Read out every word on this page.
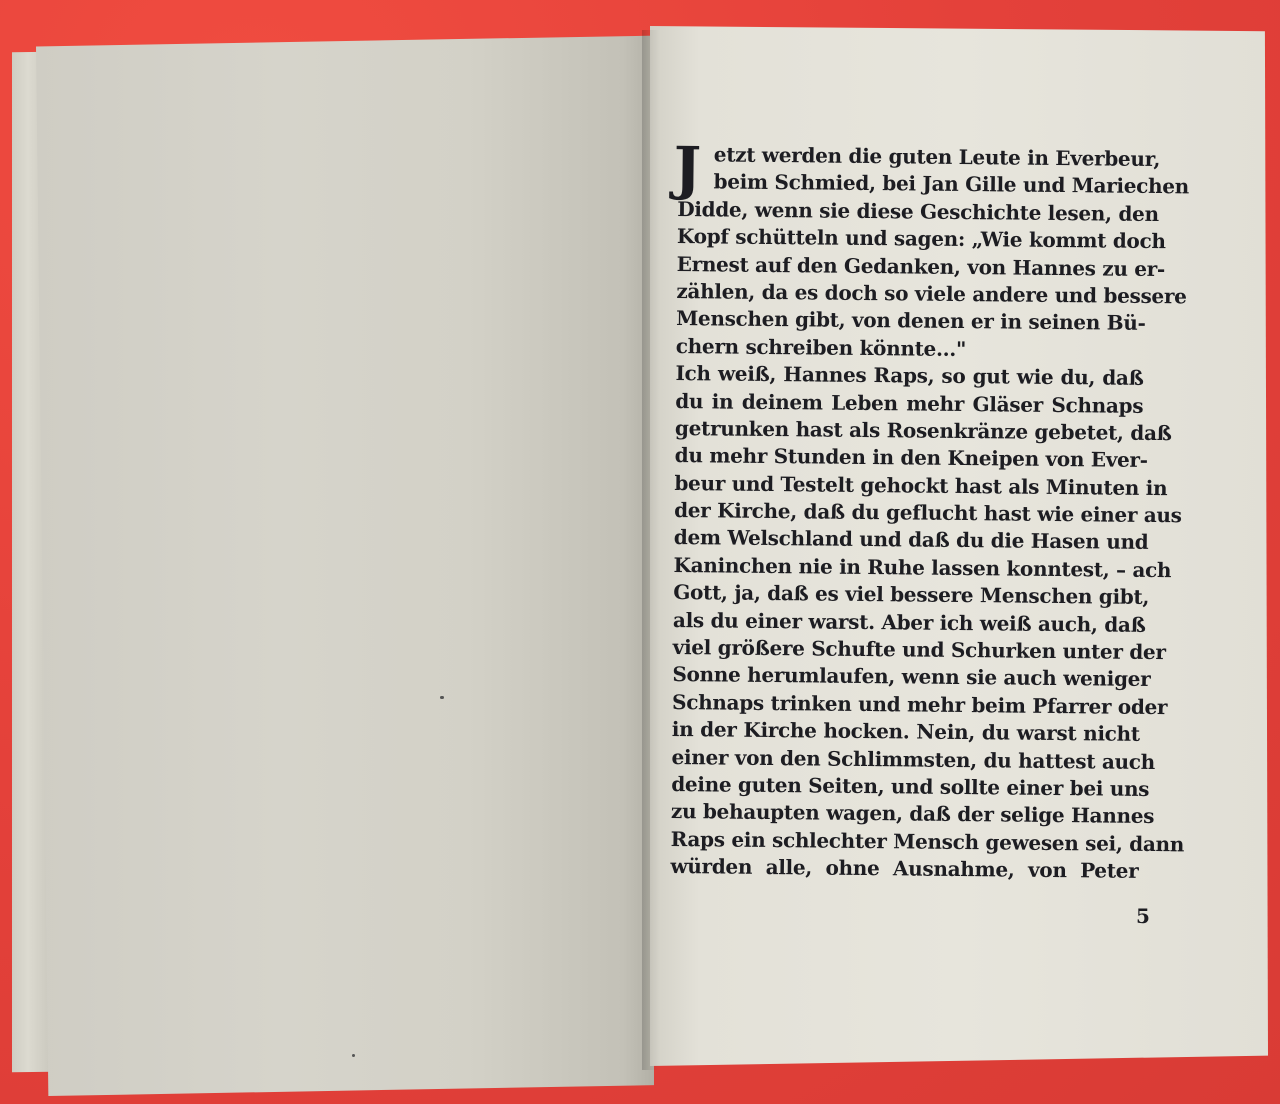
J etzt werden die guten Leute in Everbeur,
beim Schmied, bei Jan Gille und Mariechen
Didde, wenn sie diese Geschichte lesen, den
Kopf schütteln und sagen: „Wie kommt doch
Ernest auf den Gedanken, von Hannes zu er-
zählen, da es doch so viele andere und bessere
Menschen gibt, von denen er in seinen Bü-
chern schreiben könnte..."
Ich weiß, Hannes Raps, so gut wie du, daß
du in deinem Leben mehr Gläser Schnaps
getrunken hast als Rosenkränze gebetet, daß
du mehr Stunden in den Kneipen von Ever-
beur und Testelt gehockt hast als Minuten in
der Kirche, daß du geflucht hast wie einer aus
dem Welschland und daß du die Hasen und
Kaninchen nie in Ruhe lassen konntest, – ach
Gott, ja, daß es viel bessere Menschen gibt,
als du einer warst. Aber ich weiß auch, daß
viel größere Schufte und Schurken unter der
Sonne herumlaufen, wenn sie auch weniger
Schnaps trinken und mehr beim Pfarrer oder
in der Kirche hocken. Nein, du warst nicht
einer von den Schlimmsten, du hattest auch
deine guten Seiten, und sollte einer bei uns
zu behaupten wagen, daß der selige Hannes
Raps ein schlechter Mensch gewesen sei, dann
würden alle, ohne Ausnahme, von Peter
5
